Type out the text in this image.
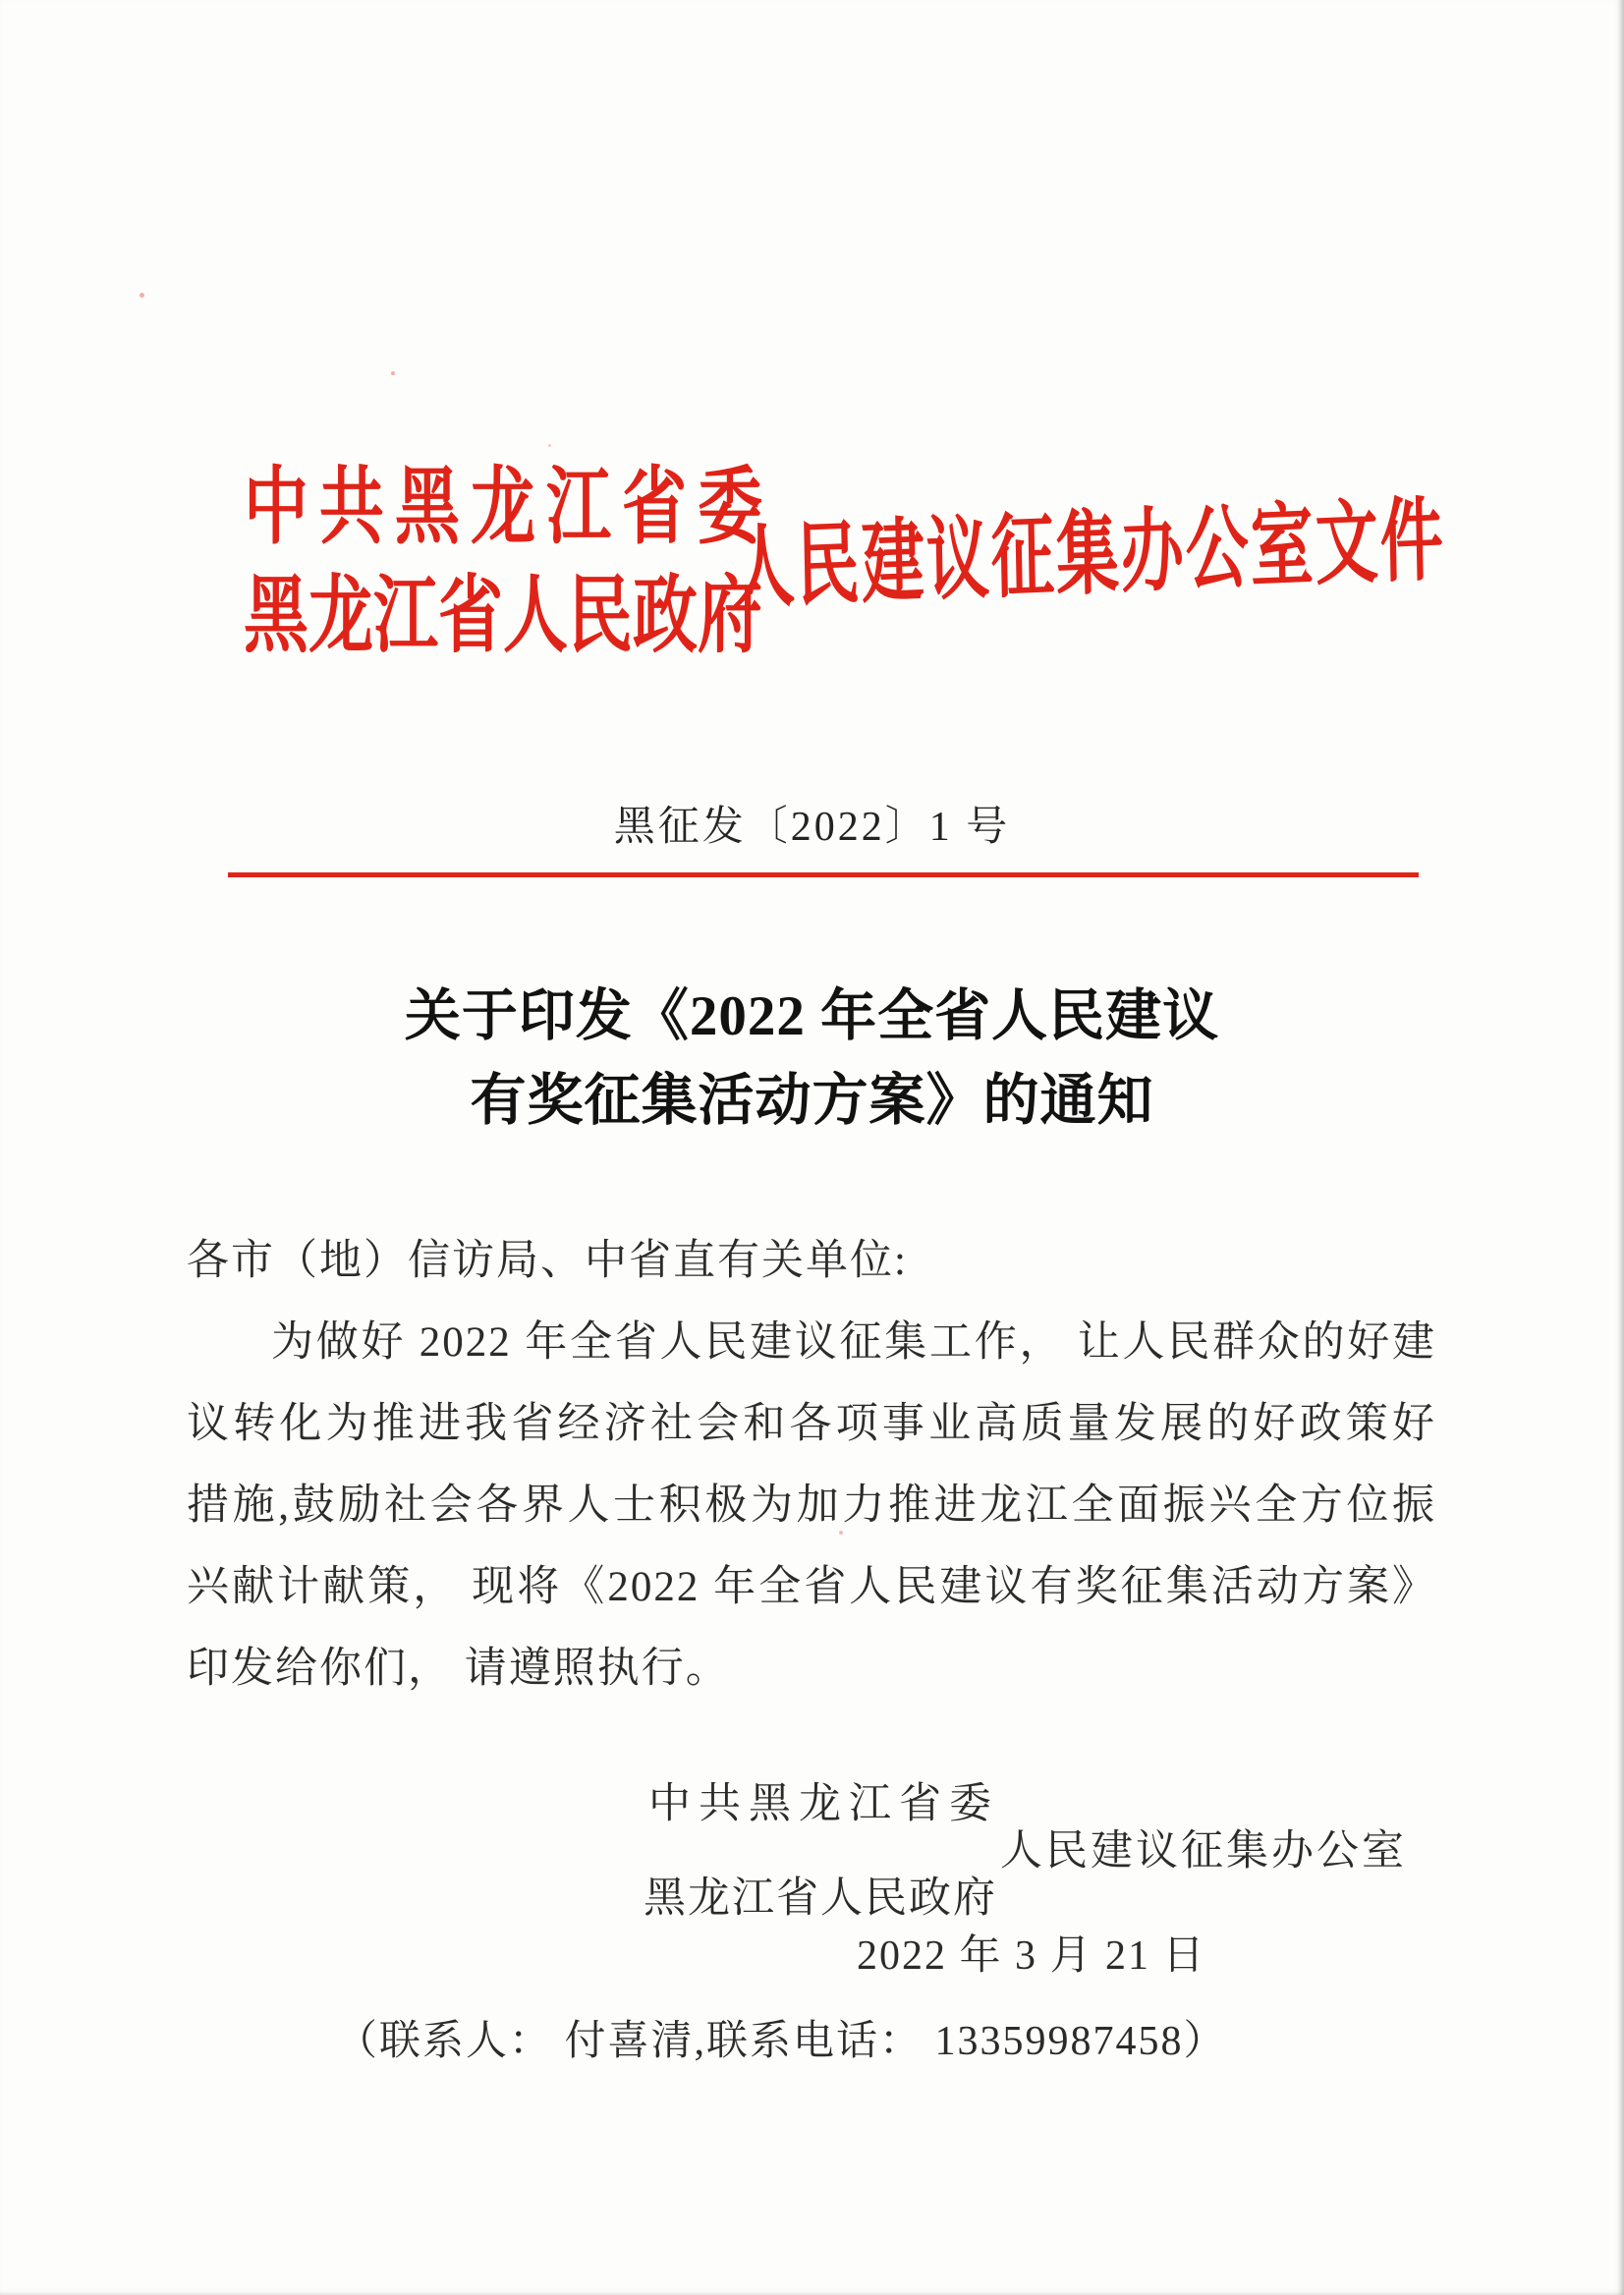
中共黑龙江省委
黑龙江省人民政府
人民建议征集办公室文件
黑征发〔2022〕1 号
关于印发《2022 年全省人民建议
有奖征集活动方案》的通知
各市（地）信访局、中省直有关单位:
为做好 2022 年全省人民建议征集工作， 让人民群众的好建
议转化为推进我省经济社会和各项事业高质量发展的好政策好
措施,鼓励社会各界人士积极为加力推进龙江全面振兴全方位振
兴献计献策， 现将《2022 年全省人民建议有奖征集活动方案》
印发给你们， 请遵照执行。
中共黑龙江省委
人民建议征集办公室
黑龙江省人民政府
2022 年 3 月 21 日
（联系人： 付喜清,联系电话： 13359987458）
